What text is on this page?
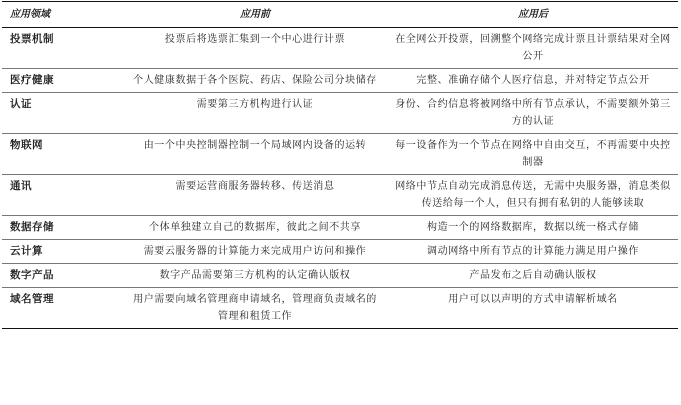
应用领域	应用前	应用后
投票机制	投票后将选票汇集到一个中心进行计票	在全网公开投票，回溯整个网络完成计票且计票结果对全网公开
医疗健康	个人健康数据于各个医院、药店、保险公司分块储存	完整、准确存储个人医疗信息，并对特定节点公开
认证	需要第三方机构进行认证	身份、合约信息将被网络中所有节点承认，不需要额外第三方的认证
物联网	由一个中央控制器控制一个局域网内设备的运转	每一设备作为一个节点在网络中自由交互，不再需要中央控制器
通讯	需要运营商服务器转移、传送消息	网络中节点自动完成消息传送，无需中央服务器，消息类似传送给每一个人，但只有拥有私钥的人能够读取
数据存储	个体单独建立自己的数据库，彼此之间不共享	构造一个的网络数据库，数据以统一格式存储
云计算	需要云服务器的计算能力来完成用户访问和操作	调动网络中所有节点的计算能力满足用户操作
数字产品	数字产品需要第三方机构的认定确认版权	产品发布之后自动确认版权
域名管理	用户需要向域名管理商申请域名，管理商负责域名的管理和租赁工作	用户可以以声明的方式申请解析域名
